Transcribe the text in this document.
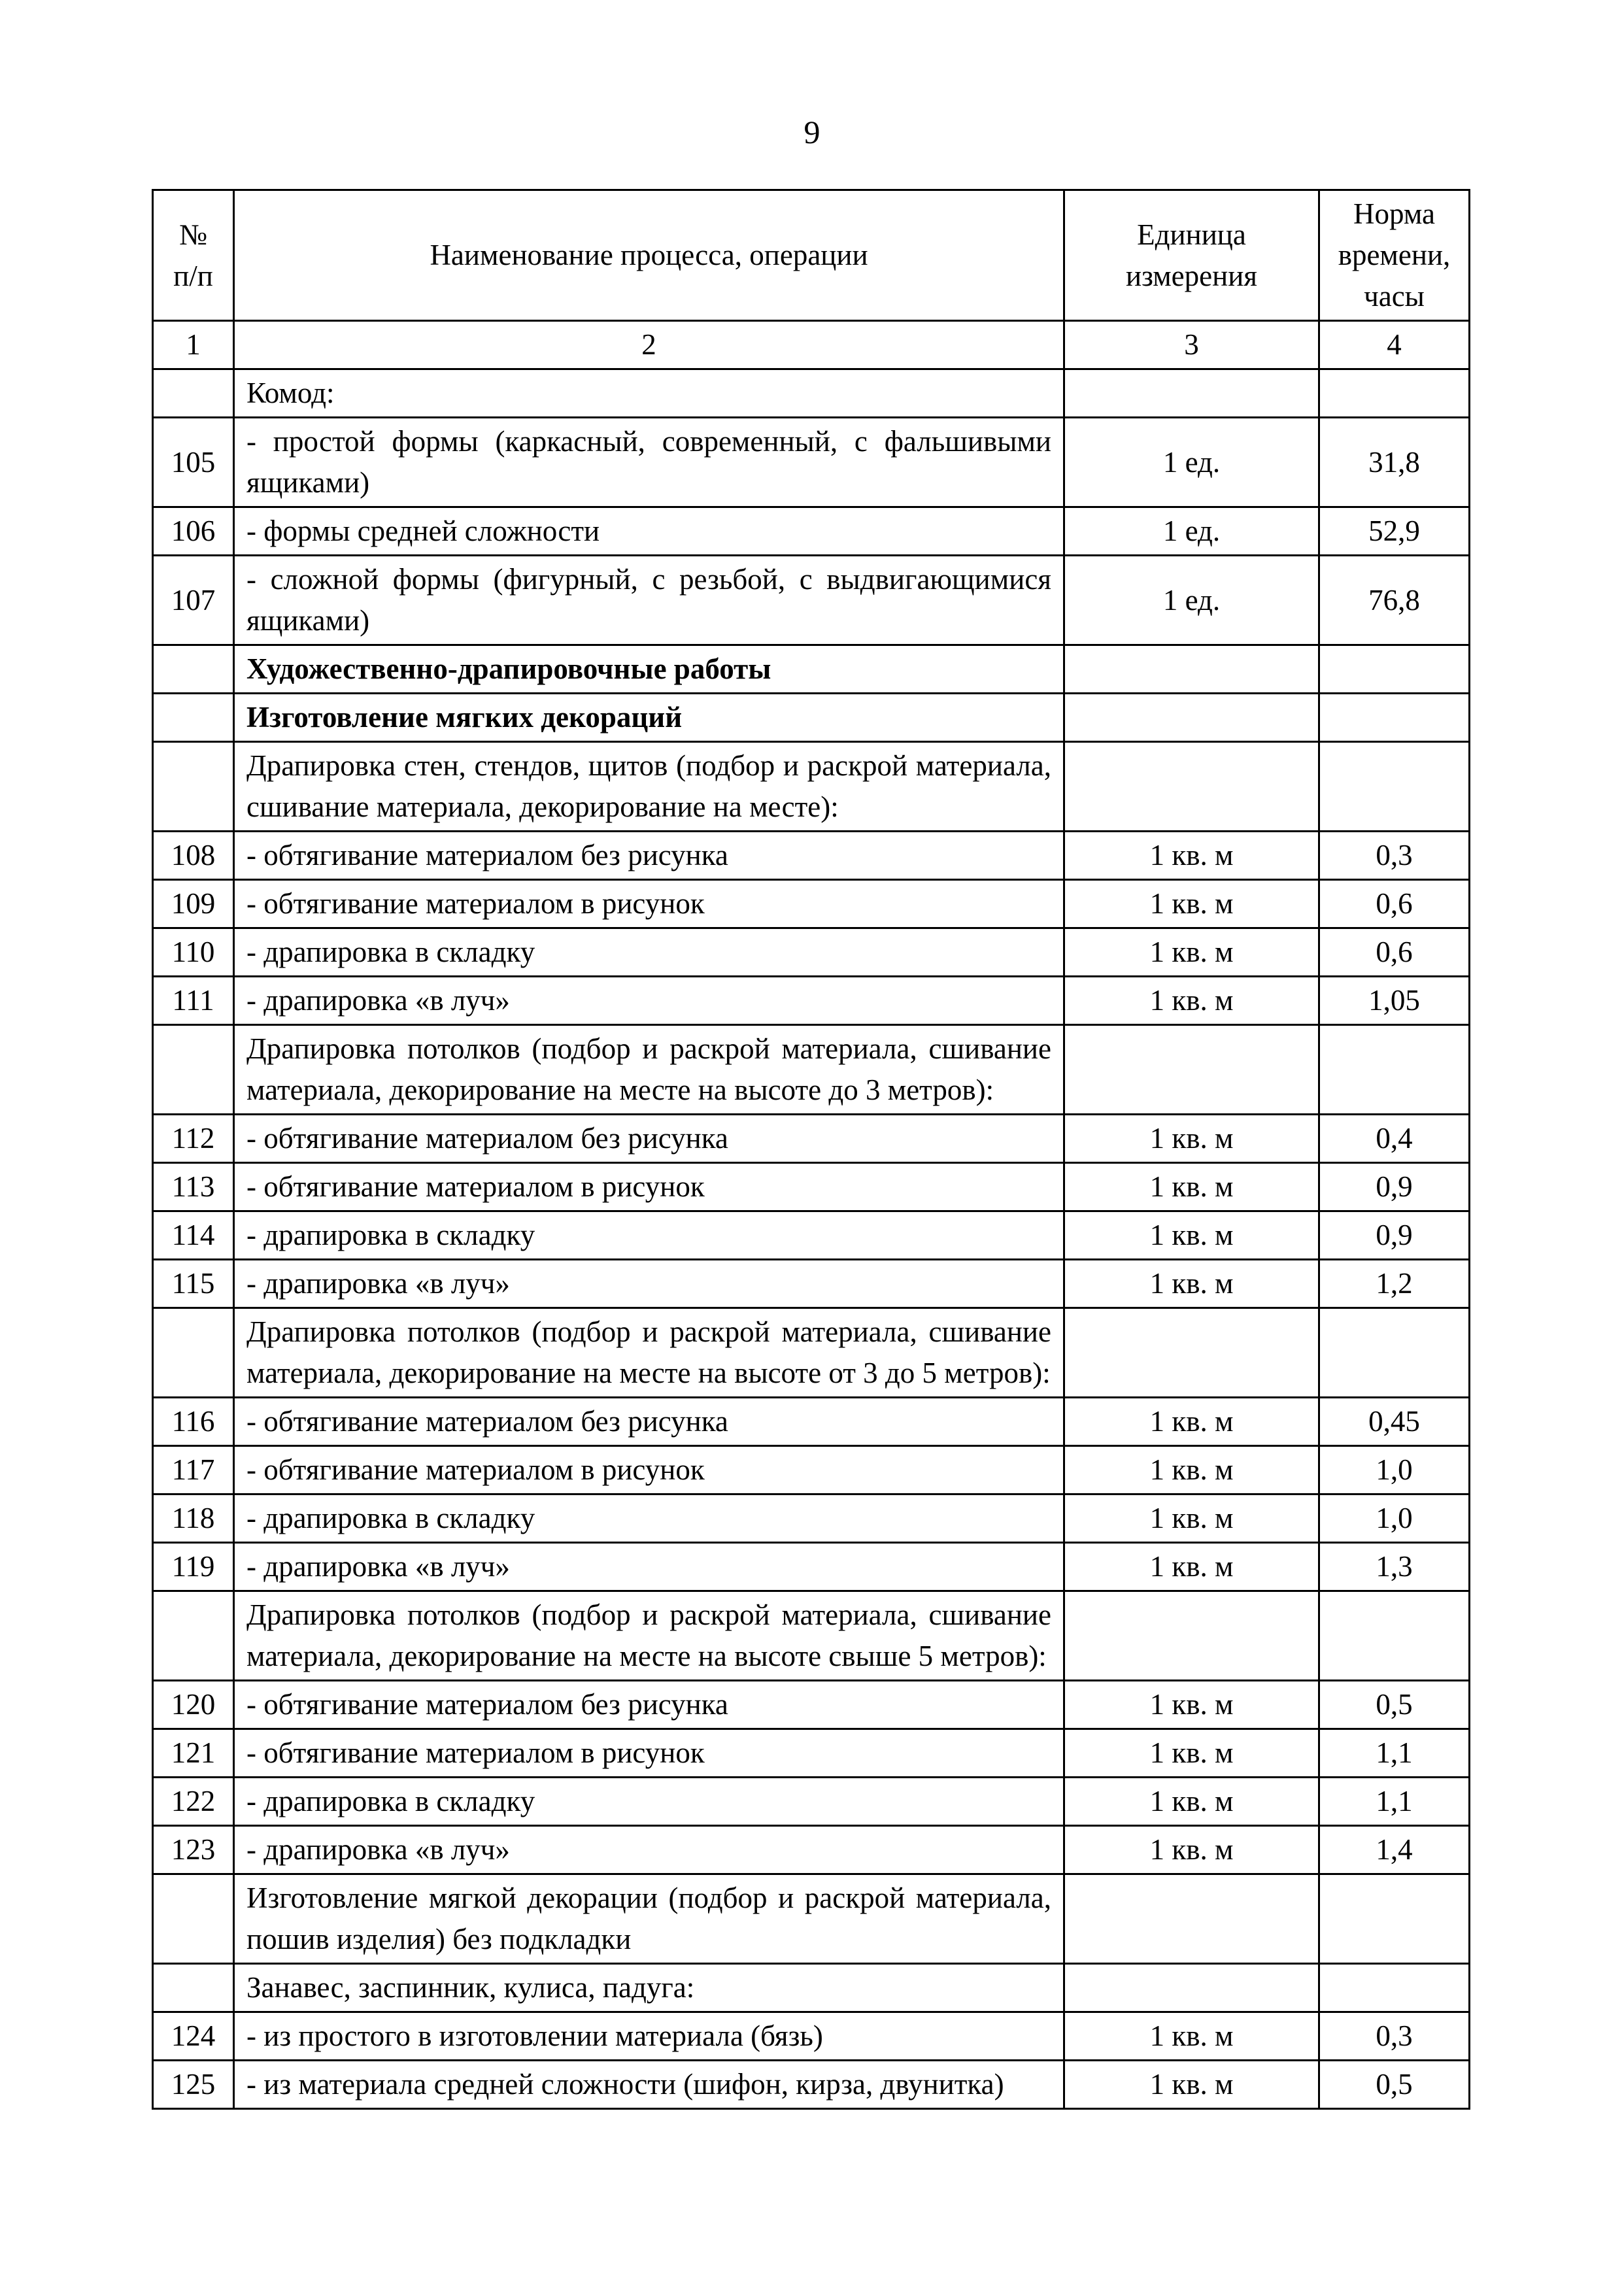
9
№ п/п	Наименование процесса, операции	Единица измерения	Норма времени, часы
1	2	3	4
	Комод:		
105	- простой формы (каркасный, современный, с фальшивыми ящиками)	1 ед.	31,8
106	- формы средней сложности	1 ед.	52,9
107	- сложной формы (фигурный, с резьбой, с выдвигающимися ящиками)	1 ед.	76,8
	Художественно-драпировочные работы		
	Изготовление мягких декораций		
	Драпировка стен, стендов, щитов (подбор и раскрой материала, сшивание материала, декорирование на месте):		
108	- обтягивание материалом без рисунка	1 кв. м	0,3
109	- обтягивание материалом в рисунок	1 кв. м	0,6
110	- драпировка в складку	1 кв. м	0,6
111	- драпировка «в луч»	1 кв. м	1,05
	Драпировка потолков (подбор и раскрой материала, сшивание материала, декорирование на месте на высоте до 3 метров):		
112	- обтягивание материалом без рисунка	1 кв. м	0,4
113	- обтягивание материалом в рисунок	1 кв. м	0,9
114	- драпировка в складку	1 кв. м	0,9
115	- драпировка «в луч»	1 кв. м	1,2
	Драпировка потолков (подбор и раскрой материала, сшивание материала, декорирование на месте на высоте от 3 до 5 метров):		
116	- обтягивание материалом без рисунка	1 кв. м	0,45
117	- обтягивание материалом в рисунок	1 кв. м	1,0
118	- драпировка в складку	1 кв. м	1,0
119	- драпировка «в луч»	1 кв. м	1,3
	Драпировка потолков (подбор и раскрой материала, сшивание материала, декорирование на месте на высоте свыше 5 метров):		
120	- обтягивание материалом без рисунка	1 кв. м	0,5
121	- обтягивание материалом в рисунок	1 кв. м	1,1
122	- драпировка в складку	1 кв. м	1,1
123	- драпировка «в луч»	1 кв. м	1,4
	Изготовление мягкой декорации (подбор и раскрой материала, пошив изделия) без подкладки		
	Занавес, заспинник, кулиса, падуга:		
124	- из простого в изготовлении материала (бязь)	1 кв. м	0,3
125	- из материала средней сложности (шифон, кирза, двунитка)	1 кв. м	0,5
